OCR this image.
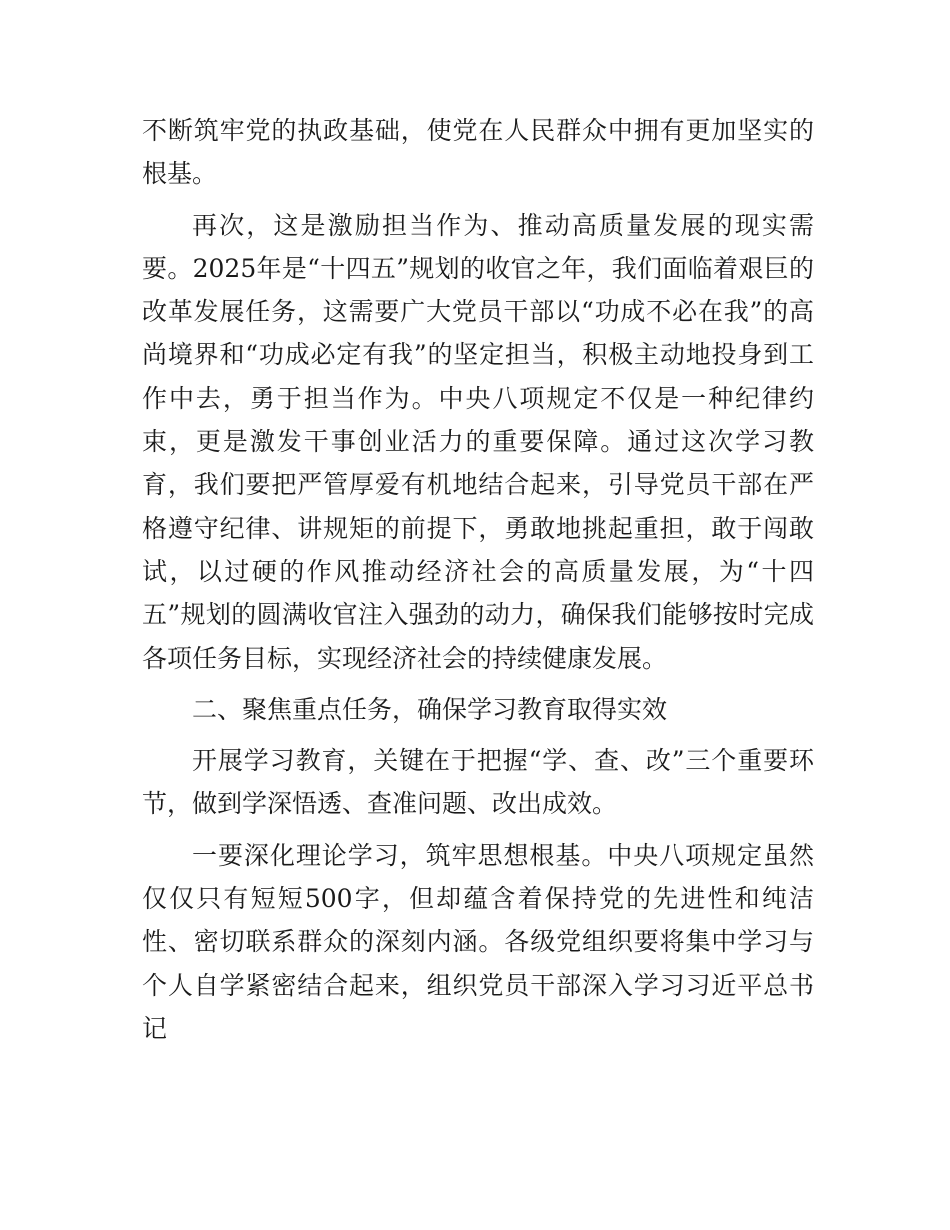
不断筑牢党的执政基础，使党在人民群众中拥有更加坚实的根基。

再次，这是激励担当作为、推动高质量发展的现实需要。2025年是“十四五”规划的收官之年，我们面临着艰巨的改革发展任务，这需要广大党员干部以“功成不必在我”的高尚境界和“功成必定有我”的坚定担当，积极主动地投身到工作中去，勇于担当作为。中央八项规定不仅是一种纪律约束，更是激发干事创业活力的重要保障。通过这次学习教育，我们要把严管厚爱有机地结合起来，引导党员干部在严格遵守纪律、讲规矩的前提下，勇敢地挑起重担，敢于闯敢试，以过硬的作风推动经济社会的高质量发展，为“十四五”规划的圆满收官注入强劲的动力，确保我们能够按时完成各项任务目标，实现经济社会的持续健康发展。

二、聚焦重点任务，确保学习教育取得实效

开展学习教育，关键在于把握“学、查、改”三个重要环节，做到学深悟透、查准问题、改出成效。

一要深化理论学习，筑牢思想根基。中央八项规定虽然仅仅只有短短500字，但却蕴含着保持党的先进性和纯洁性、密切联系群众的深刻内涵。各级党组织要将集中学习与个人自学紧密结合起来，组织党员干部深入学习习近平总书记
